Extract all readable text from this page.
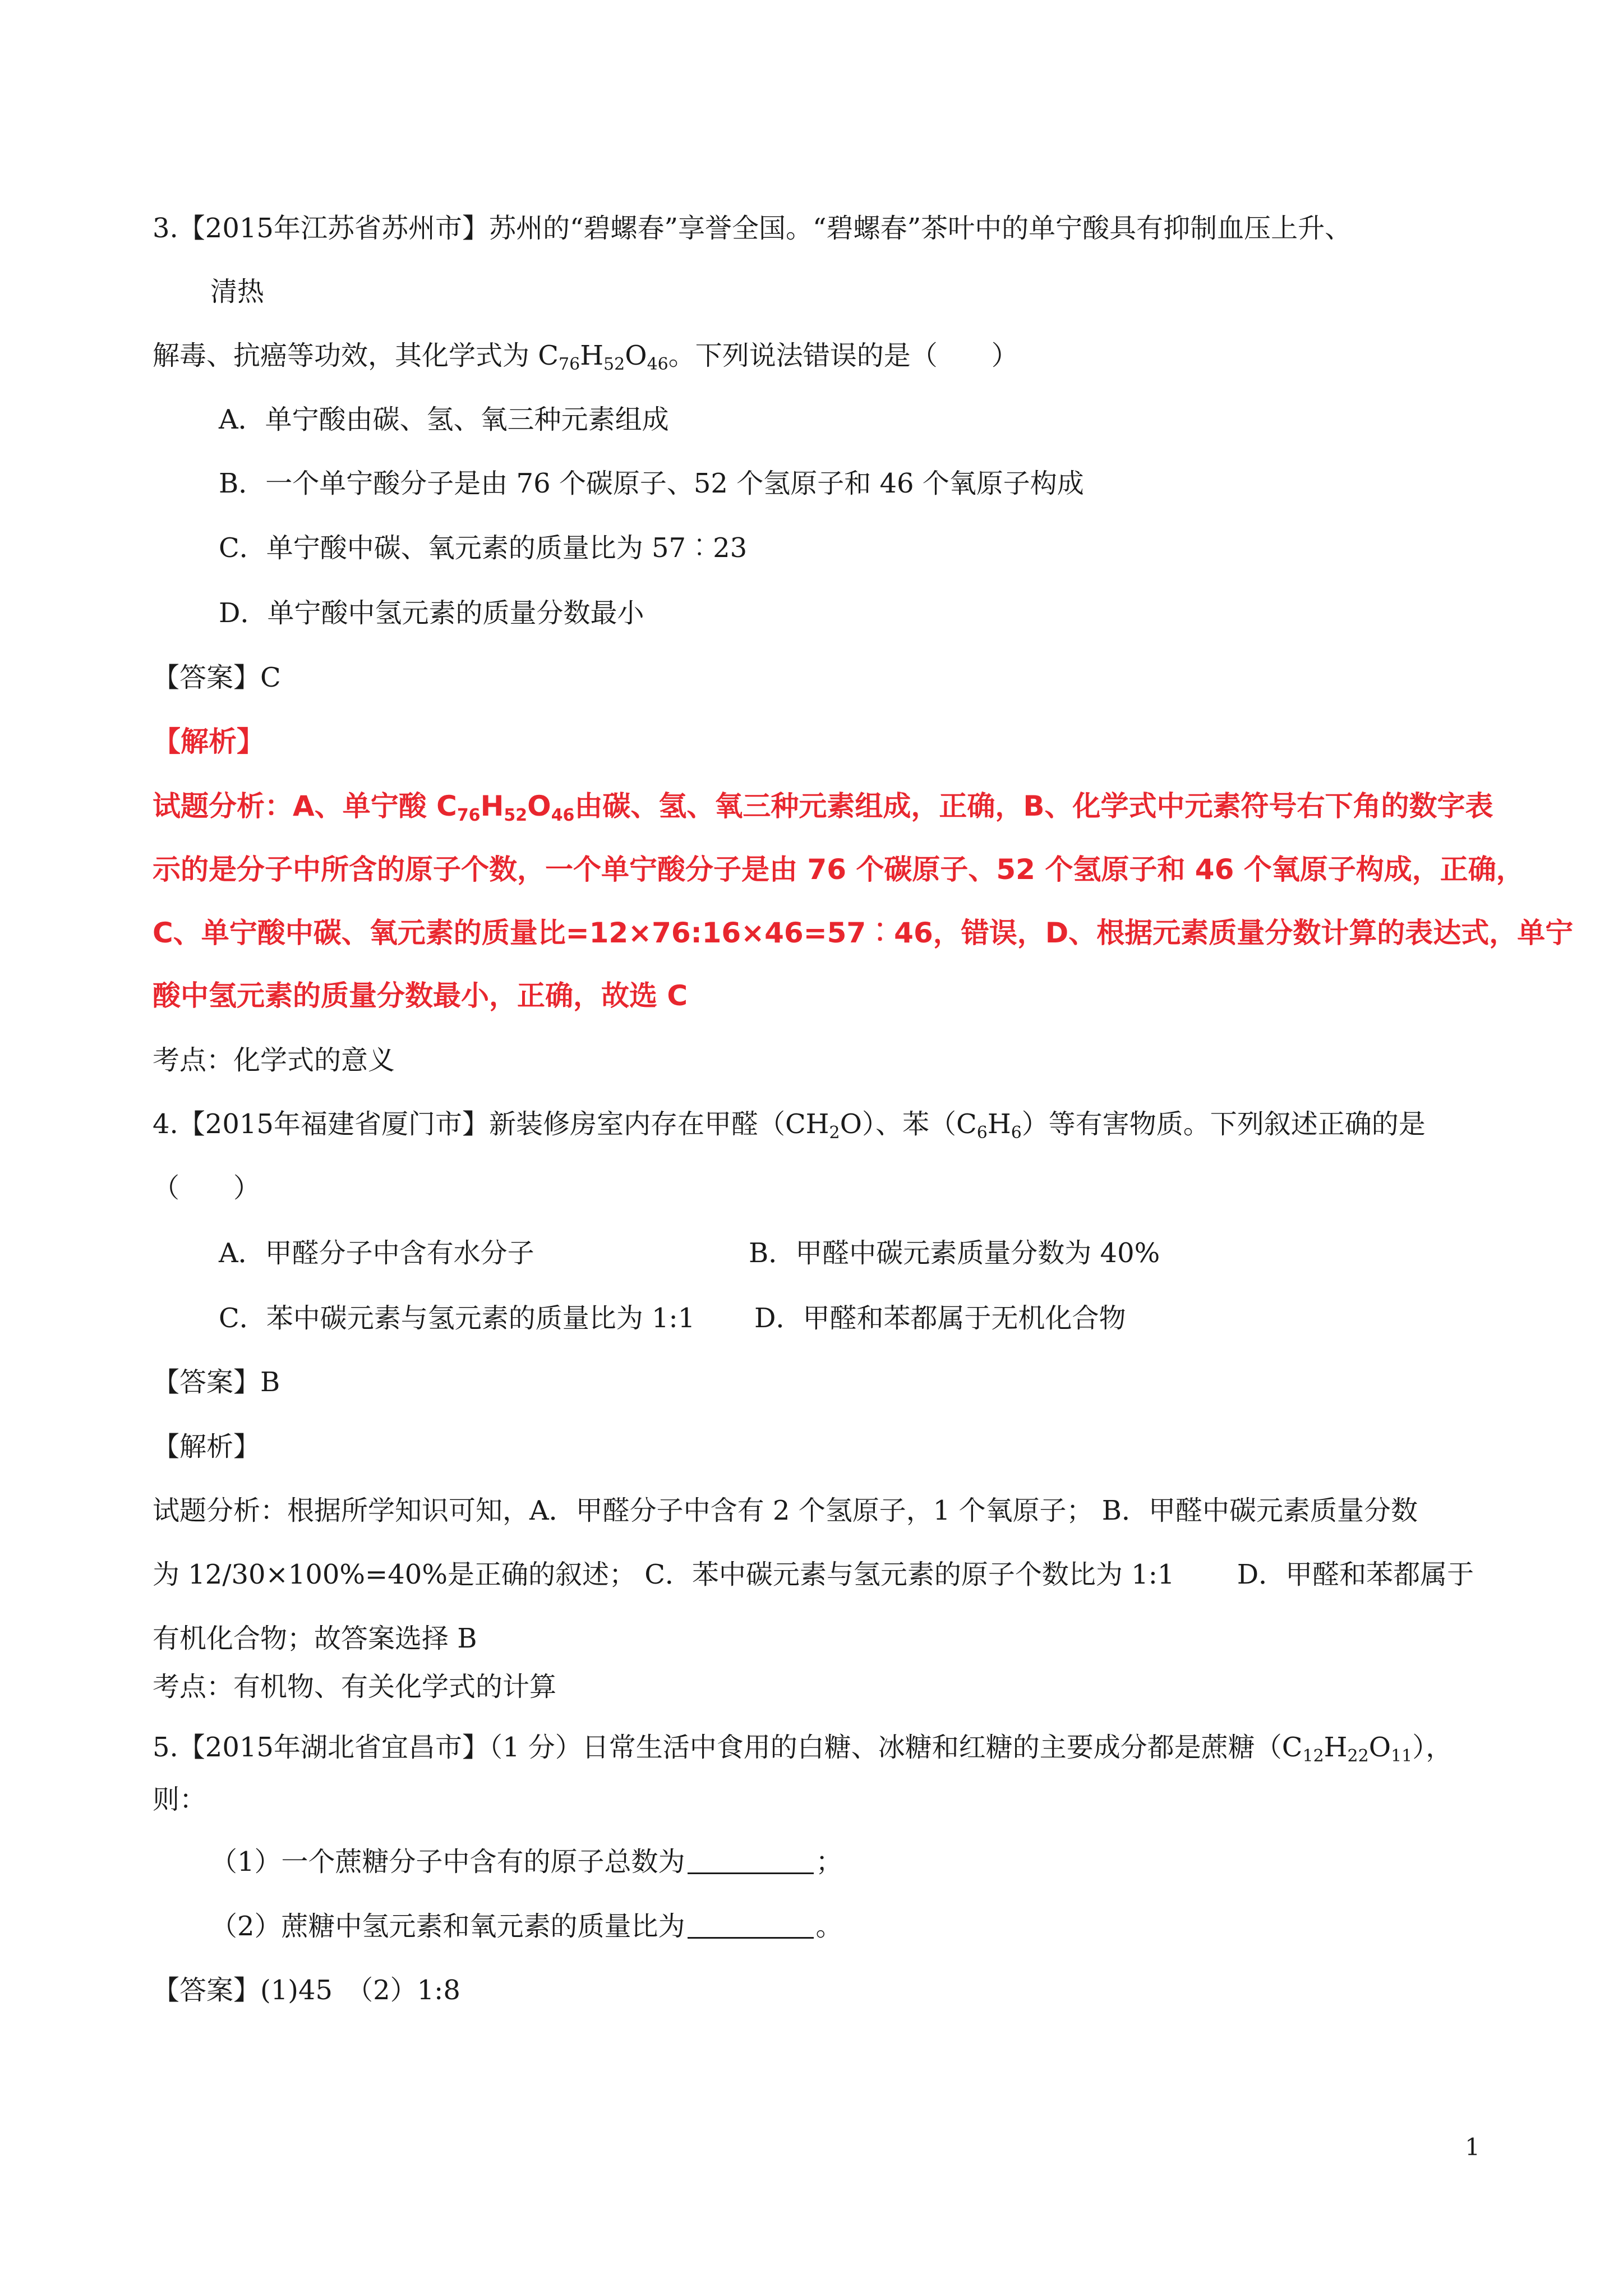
3.【2015年江苏省苏州市】苏州的“碧螺春”享誉全国。“碧螺春”茶叶中的单宁酸具有抑制血压上升、
清热
解毒、抗癌等功效，其化学式为 $C_{76}H_{52}O_{46}$。下列说法错误的是（　　）
A．单宁酸由碳、氢、氧三种元素组成
B．一个单宁酸分子是由 76 个碳原子、52 个氢原子和 46 个氧原子构成
C．单宁酸中碳、氧元素的质量比为 57︰23
D．单宁酸中氢元素的质量分数最小
【答案】C
【解析】
试题分析：A、单宁酸 $C_{76}H_{52}O_{46}$由碳、氢、氧三种元素组成，正确，B、化学式中元素符号右下角的数字表
示的是分子中所含的原子个数，一个单宁酸分子是由 76 个碳原子、52 个氢原子和 46 个氧原子构成，正确，
C、单宁酸中碳、氧元素的质量比=12×76:16×46=57︰46，错误，D、根据元素质量分数计算的表达式，单宁
酸中氢元素的质量分数最小，正确，故选 C
考点：化学式的意义
4.【2015年福建省厦门市】新装修房室内存在甲醛$(CH_2O)$、苯$(C_6H_6)$等有害物质。下列叙述正确的是
（　　）
A．甲醛分子中含有水分子	B．甲醛中碳元素质量分数为 40%
C．苯中碳元素与氢元素的质量比为 1:1 D．甲醛和苯都属于无机化合物
【答案】B
【解析】
试题分析：根据所学知识可知，A．甲醛分子中含有 2 个氢原子，1 个氧原子； B．甲醛中碳元素质量分数
为 12/30×100%=40%是正确的叙述； C．苯中碳元素与氢元素的原子个数比为 1:1　　 D．甲醛和苯都属于
有机化合物；故答案选择 B
考点：有机物、有关化学式的计算
5.【2015年湖北省宜昌市】（1 分）日常生活中食用的白糖、冰糖和红糖的主要成分都是蔗糖$(C_{12}H_{22}O_{11})$，
则：
（1）一个蔗糖分子中含有的原子总数为	；
（2）蔗糖中氢元素和氧元素的质量比为	。
【答案】(1)45　（2）1:8
1
